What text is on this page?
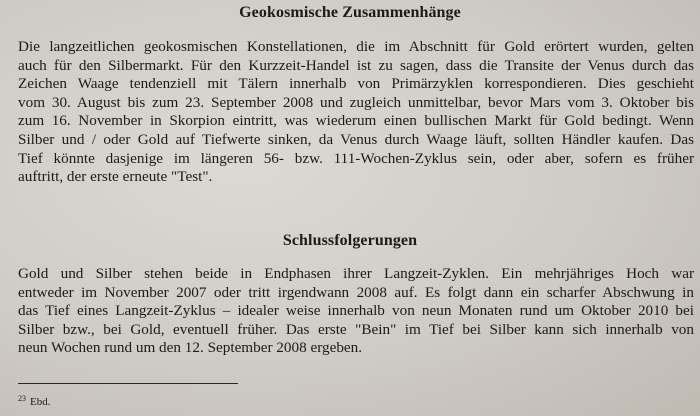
Geokosmische Zusammenhänge
Die langzeitlichen geokosmischen Konstellationen, die im Abschnitt für Gold erörtert wurden, gelten
auch für den Silbermarkt. Für den Kurzzeit-Handel ist zu sagen, dass die Transite der Venus durch das
Zeichen Waage tendenziell mit Tälern innerhalb von Primärzyklen korrespondieren. Dies geschieht
vom 30. August bis zum 23. September 2008 und zugleich unmittelbar, bevor Mars vom 3. Oktober bis
zum 16. November in Skorpion eintritt, was wiederum einen bullischen Markt für Gold bedingt. Wenn
Silber und / oder Gold auf Tiefwerte sinken, da Venus durch Waage läuft, sollten Händler kaufen. Das
Tief könnte dasjenige im längeren 56- bzw. 111-Wochen-Zyklus sein, oder aber, sofern es früher
auftritt, der erste erneute "Test".
Schlussfolgerungen
Gold und Silber stehen beide in Endphasen ihrer Langzeit-Zyklen. Ein mehrjähriges Hoch war
entweder im November 2007 oder tritt irgendwann 2008 auf. Es folgt dann ein scharfer Abschwung in
das Tief eines Langzeit-Zyklus – idealer weise innerhalb von neun Monaten rund um Oktober 2010 bei
Silber bzw., bei Gold, eventuell früher. Das erste "Bein" im Tief bei Silber kann sich innerhalb von
neun Wochen rund um den 12. September 2008 ergeben.
$^{23}$ Ebd.
